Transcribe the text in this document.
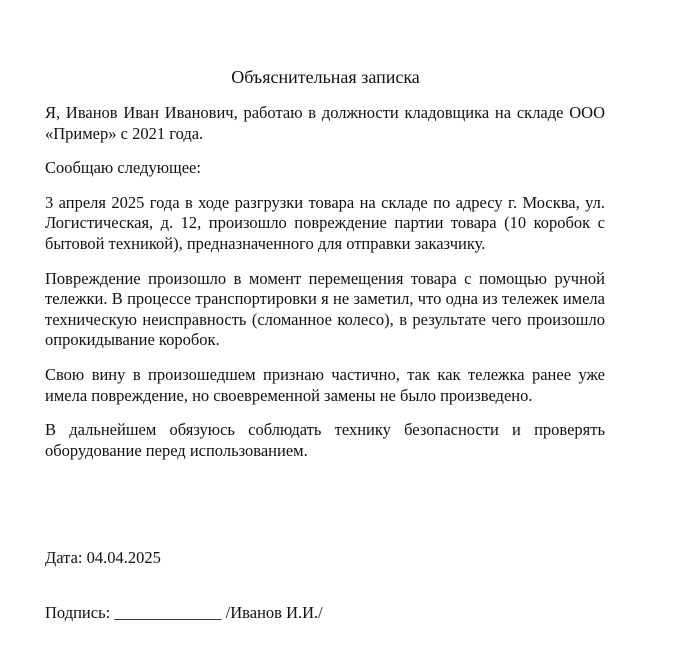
Объяснительная записка

Я, Иванов Иван Иванович, работаю в должности кладовщика на складе ООО «Пример» с 2021 года.

Сообщаю следующее:

3 апреля 2025 года в ходе разгрузки товара на складе по адресу г. Москва, ул. Логистическая, д. 12, произошло повреждение партии товара (10 коробок с бытовой техникой), предназначенного для отправки заказчику.

Повреждение произошло в момент перемещения товара с помощью ручной тележки. В процессе транспортировки я не заметил, что одна из тележек имела техническую неисправность (сломанное колесо), в результате чего произошло опрокидывание коробок.

Свою вину в произошедшем признаю частично, так как тележка ранее уже имела повреждение, но своевременной замены не было произведено.

В дальнейшем обязуюсь соблюдать технику безопасности и проверять оборудование перед использованием.

Дата: 04.04.2025
Подпись: _____________ /Иванов И.И./
